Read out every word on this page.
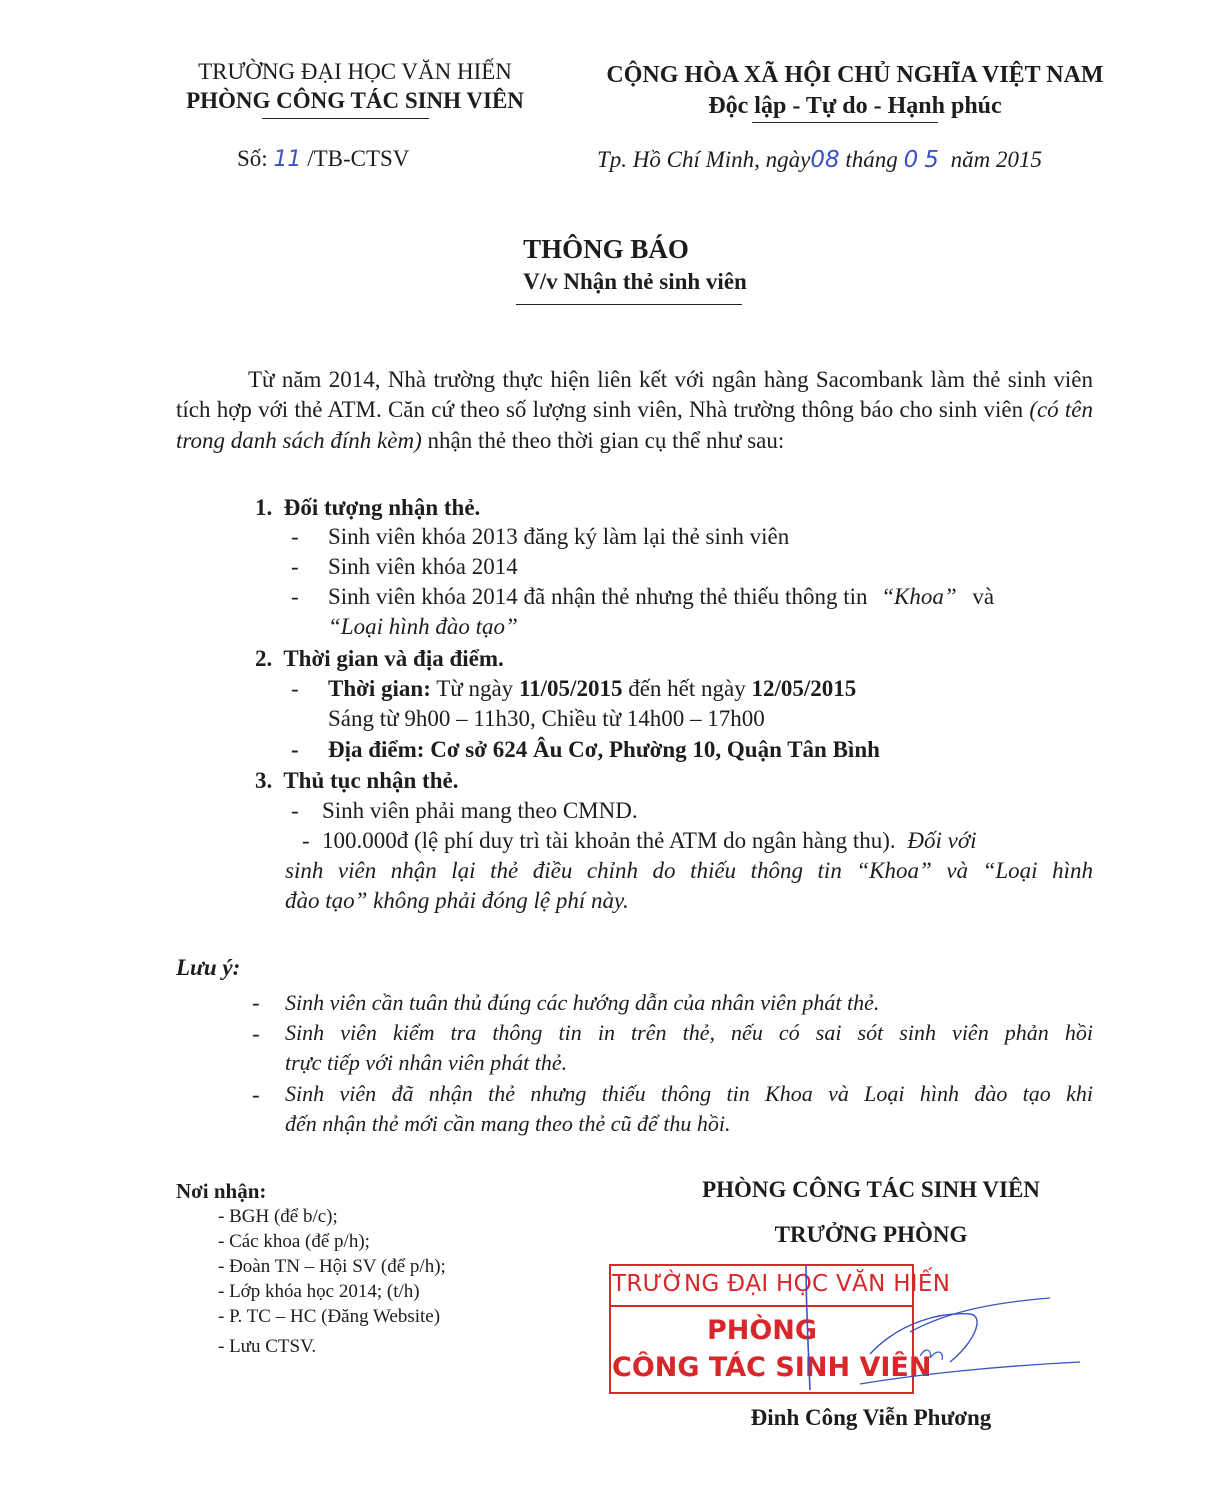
TRƯỜNG ĐẠI HỌC VĂN HIẾN
PHÒNG CÔNG TÁC SINH VIÊN
CỘNG HÒA XÃ HỘI CHỦ NGHĨA VIỆT NAM
Độc lập - Tự do - Hạnh phúc
Số: 11 /TB-CTSV	Tp. Hồ Chí Minh, ngày08 tháng 05 năm 2015
THÔNG BÁO
V/v Nhận thẻ sinh viên
Từ năm 2014, Nhà trường thực hiện liên kết với ngân hàng Sacombank làm thẻ sinh viên tích hợp với thẻ ATM. Căn cứ theo số lượng sinh viên, Nhà trường thông báo cho sinh viên (có tên trong danh sách đính kèm) nhận thẻ theo thời gian cụ thể như sau:
1. Đối tượng nhận thẻ.
- Sinh viên khóa 2013 đăng ký làm lại thẻ sinh viên
- Sinh viên khóa 2014
- Sinh viên khóa 2014 đã nhận thẻ nhưng thẻ thiếu thông tin “Khoa” và
“Loại hình đào tạo”
2. Thời gian và địa điểm.
- Thời gian: Từ ngày 11/05/2015 đến hết ngày 12/05/2015
Sáng từ 9h00 – 11h30, Chiều từ 14h00 – 17h00
- Địa điểm: Cơ sở 624 Âu Cơ, Phường 10, Quận Tân Bình
3. Thủ tục nhận thẻ.
- Sinh viên phải mang theo CMND.
- 100.000đ (lệ phí duy trì tài khoản thẻ ATM do ngân hàng thu). Đối với
sinh viên nhận lại thẻ điều chỉnh do thiếu thông tin “Khoa” và “Loại hình
đào tạo” không phải đóng lệ phí này.
Lưu ý:
- Sinh viên cần tuân thủ đúng các hướng dẫn của nhân viên phát thẻ.
- Sinh viên kiểm tra thông tin in trên thẻ, nếu có sai sót sinh viên phản hồi
trực tiếp với nhân viên phát thẻ.
- Sinh viên đã nhận thẻ nhưng thiếu thông tin Khoa và Loại hình đào tạo khi
đến nhận thẻ mới cần mang theo thẻ cũ để thu hồi.
Nơi nhận:
- BGH (để b/c);
- Các khoa (để p/h);
- Đoàn TN – Hội SV (để p/h);
- Lớp khóa học 2014; (t/h)
- P. TC – HC (Đăng Website)
- Lưu CTSV.
PHÒNG CÔNG TÁC SINH VIÊN
TRƯỞNG PHÒNG
TRƯỜNG ĐẠI HỌC VĂN HIẾN
PHÒNG
CÔNG TÁC SINH VIÊN
Đinh Công Viễn Phương
